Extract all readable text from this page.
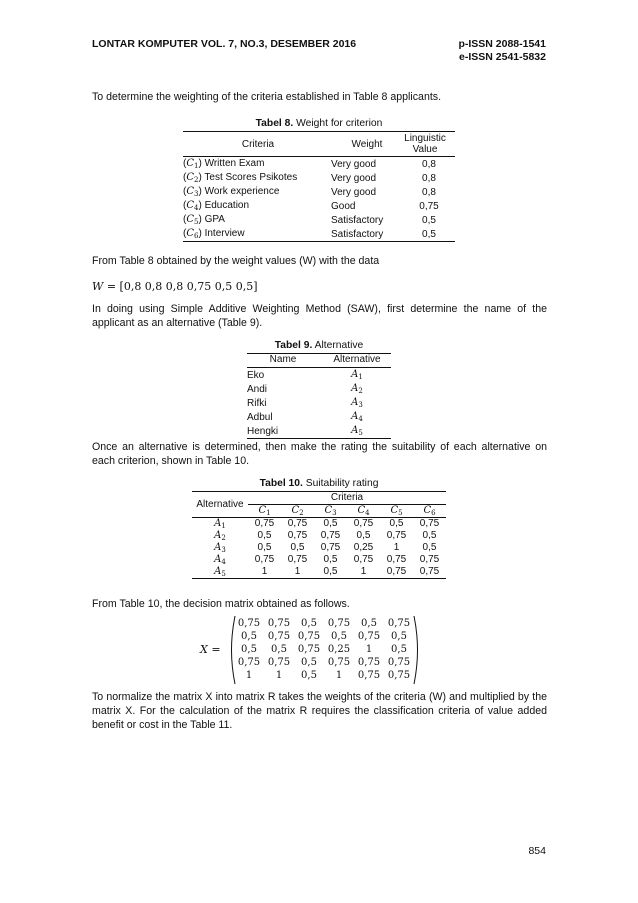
LONTAR KOMPUTER VOL. 7, NO.3, DESEMBER 2016	p-ISSN 2088-1541
e-ISSN 2541-5832
To determine the weighting of the criteria established in Table 8 applicants.
Tabel 8. Weight for criterion
Criteria	Weight
Linguistic
Value
$(C_1)$ Written Exam	Very good	0,8
$(C_2)$ Test Scores Psikotes	Very good	0,8
$(C_3)$ Work experience	Very good	0,8
$(C_4)$ Education	Good	0,75
$(C_5)$ GPA	Satisfactory	0,5
$(C_6)$ Interview	Satisfactory	0,5
From Table 8 obtained by the weight values (W) with the data
W = [0,8 0,8 0,8 0,75 0,5 0,5]
In doing using Simple Additive Weighting Method (SAW), first determine the name of the applicant as an alternative (Table 9).
Tabel 9. Alternative
Name	Alternative
Eko	$A_1$
Andi	$A_2$
Rifki	$A_3$
Adbul	$A_4$
Hengki	$A_5$
Once an alternative is determined, then make the rating the suitability of each alternative on each criterion, shown in Table 10.
Tabel 10. Suitability rating
Alternative	Criteria					
	$C_1$	$C_2$	$C_3$	$C_4$	$C_5$	$C_6$
$A_1$	0,75	0,75	0,5	0,75	0,5	0,75
$A_2$	0,5	0,75	0,75	0,5	0,75	0,5
$A_3$	0,5	0,5	0,75	0,25	1	0,5
$A_4$	0,75	0,75	0,5	0,75	0,75	0,75
$A_5$	1	1	0,5	1	0,75	0,75
From Table 10, the decision matrix obtained as follows.
X =
0,75 0,75 0,5 0,75 0,5 0,75
0,5 0,75 0,75 0,5 0,75 0,5
0,5 0,5 0,75 0,25 1 0,5
0,75 0,75 0,5 0,75 0,75 0,75
1 1 0,5 1 0,75 0,75
To normalize the matrix X into matrix R takes the weights of the criteria (W) and multiplied by the matrix X. For the calculation of the matrix R requires the classification criteria of value added benefit or cost in the Table 11.
854
